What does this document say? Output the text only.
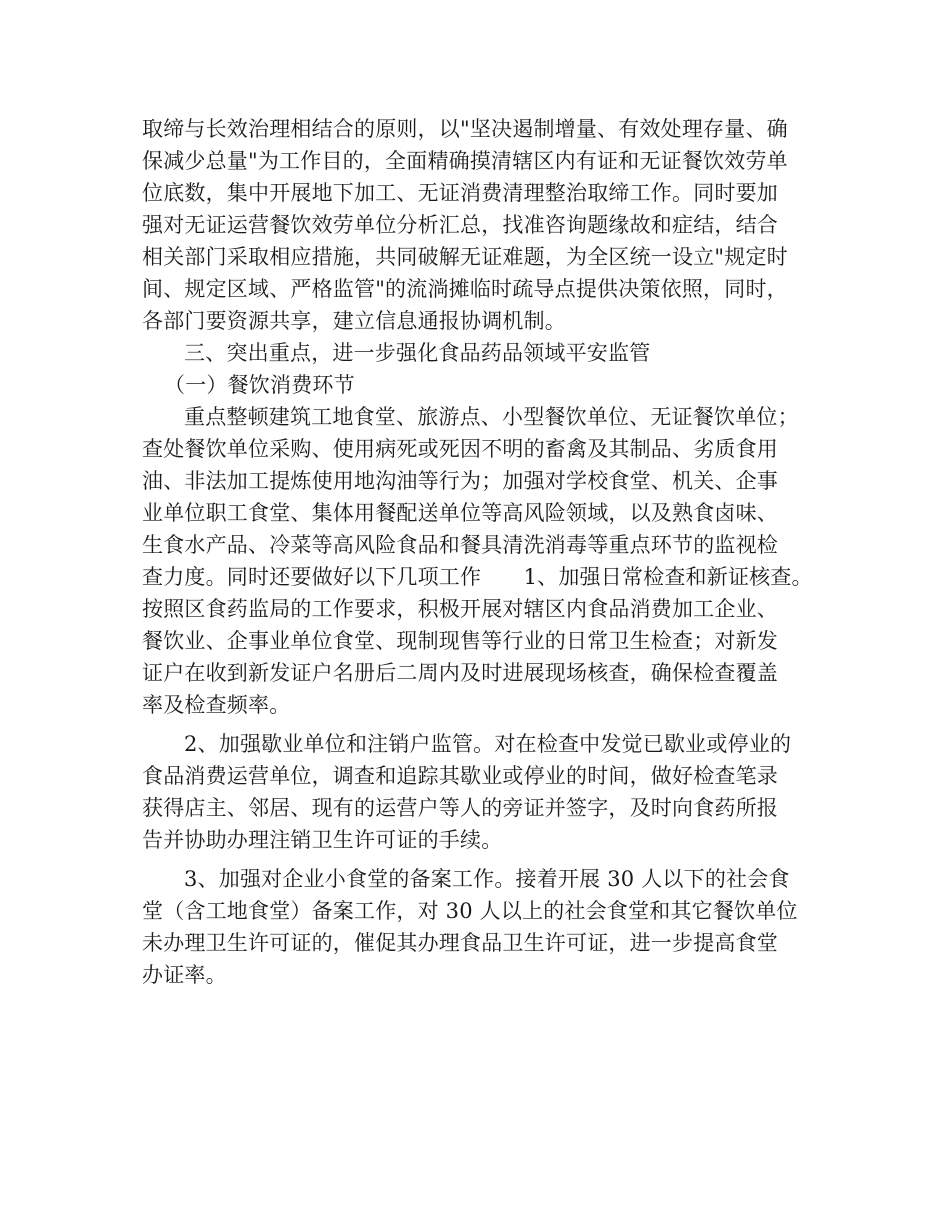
取缔与长效治理相结合的原则，以"坚决遏制增量、有效处理存量、确
保减少总量"为工作目的，全面精确摸清辖区内有证和无证餐饮效劳单
位底数，集中开展地下加工、无证消费清理整治取缔工作。同时要加
强对无证运营餐饮效劳单位分析汇总，找准咨询题缘故和症结，结合
相关部门采取相应措施，共同破解无证难题，为全区统一设立"规定时
间、规定区域、严格监管"的流淌摊临时疏导点提供决策依照，同时，
各部门要资源共享，建立信息通报协调机制。
三、突出重点，进一步强化食品药品领域平安监管
（一）餐饮消费环节
重点整顿建筑工地食堂、旅游点、小型餐饮单位、无证餐饮单位；
查处餐饮单位采购、使用病死或死因不明的畜禽及其制品、劣质食用
油、非法加工提炼使用地沟油等行为；加强对学校食堂、机关、企事
业单位职工食堂、集体用餐配送单位等高风险领域，以及熟食卤味、
生食水产品、冷菜等高风险食品和餐具清洗消毒等重点环节的监视检
查力度。同时还要做好以下几项工作　　1、加强日常检查和新证核查。
按照区食药监局的工作要求，积极开展对辖区内食品消费加工企业、
餐饮业、企事业单位食堂、现制现售等行业的日常卫生检查；对新发
证户在收到新发证户名册后二周内及时进展现场核查，确保检查覆盖
率及检查频率。
2、加强歇业单位和注销户监管。对在检查中发觉已歇业或停业的
食品消费运营单位，调查和追踪其歇业或停业的时间，做好检查笔录
获得店主、邻居、现有的运营户等人的旁证并签字，及时向食药所报
告并协助办理注销卫生许可证的手续。
3、加强对企业小食堂的备案工作。接着开展 30 人以下的社会食
堂（含工地食堂）备案工作，对 30 人以上的社会食堂和其它餐饮单位
未办理卫生许可证的，催促其办理食品卫生许可证，进一步提高食堂
办证率。
